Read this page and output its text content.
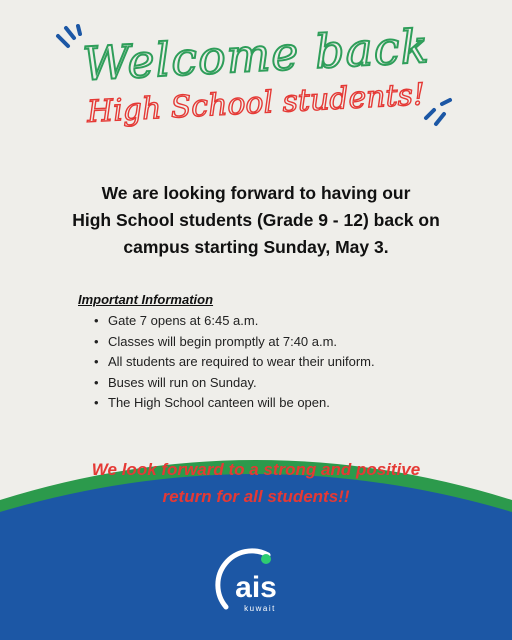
Welcome back
High School students!
We are looking forward to having our
High School students (Grade 9 - 12) back on
campus starting Sunday, May 3.
Important Information
• Gate 7 opens at 6:45 a.m.
• Classes will begin promptly at 7:40 a.m.
• All students are required to wear their uniform.
• Buses will run on Sunday.
• The High School canteen will be open.
We look forward to a strong and positive
return for all students!!
ais
kuwait
